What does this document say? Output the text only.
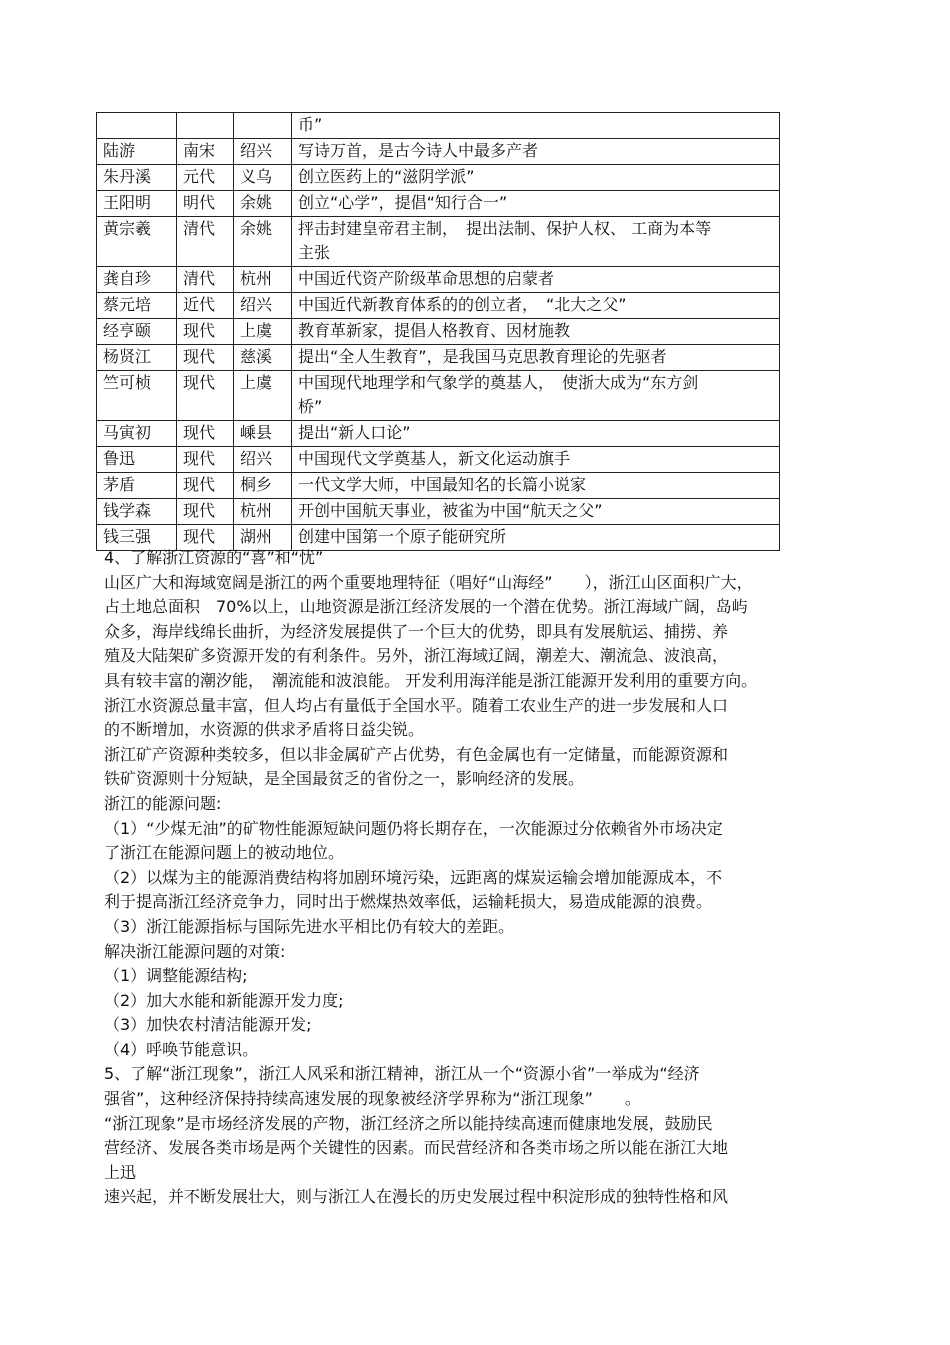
			币”
陆游	南宋	绍兴	写诗万首，是古今诗人中最多产者
朱丹溪	元代	义乌	创立医药上的“滋阴学派”
王阳明	明代	余姚	创立“心学”，提倡“知行合一”
黄宗羲	清代	余姚	抨击封建皇帝君主制，　提出法制、保护人权、 工商为本等
主张
龚自珍	清代	杭州	中国近代资产阶级革命思想的启蒙者
蔡元培	近代	绍兴	中国近代新教育体系的的创立者，　“北大之父”
经亨颐	现代	上虞	教育革新家，提倡人格教育、因材施教
杨贤江	现代	慈溪	提出“全人生教育”，是我国马克思教育理论的先驱者
竺可桢	现代	上虞	中国现代地理学和气象学的奠基人，　使浙大成为“东方剑
桥”
马寅初	现代	嵊县	提出“新人口论”
鲁迅	现代	绍兴	中国现代文学奠基人，新文化运动旗手
茅盾	现代	桐乡	一代文学大师，中国最知名的长篇小说家
钱学森	现代	杭州	开创中国航天事业，被雀为中国“航天之父”
钱三强	现代	湖州	创建中国第一个原子能研究所
4、了解浙江资源的“喜”和“忧”
山区广大和海域宽阔是浙江的两个重要地理特征（唱好“山海经”　　），浙江山区面积广大，
占土地总面积　70%以上，山地资源是浙江经济发展的一个潜在优势。浙江海域广阔，岛屿
众多，海岸线绵长曲折，为经济发展提供了一个巨大的优势，即具有发展航运、捕捞、养
殖及大陆架矿多资源开发的有利条件。另外，浙江海域辽阔，潮差大、潮流急、波浪高，
具有较丰富的潮汐能，　潮流能和波浪能。 开发利用海洋能是浙江能源开发利用的重要方向。
浙江水资源总量丰富，但人均占有量低于全国水平。随着工农业生产的进一步发展和人口
的不断增加，水资源的供求矛盾将日益尖锐。
浙江矿产资源种类较多，但以非金属矿产占优势，有色金属也有一定储量，而能源资源和
铁矿资源则十分短缺，是全国最贫乏的省份之一，影响经济的发展。
浙江的能源问题:
（1）“少煤无油”的矿物性能源短缺问题仍将长期存在，一次能源过分依赖省外市场决定
了浙江在能源问题上的被动地位。
（2）以煤为主的能源消费结构将加剧环境污染，远距离的煤炭运输会增加能源成本，不
利于提高浙江经济竞争力，同时出于燃煤热效率低，运输耗损大，易造成能源的浪费。
（3）浙江能源指标与国际先进水平相比仍有较大的差距。
解决浙江能源问题的对策:
（1）调整能源结构;
（2）加大水能和新能源开发力度;
（3）加快农村清洁能源开发;
（4）呼唤节能意识。
5、了解“浙江现象”，浙江人风采和浙江精神，浙江从一个“资源小省”一举成为“经济
强省”，这种经济保持持续高速发展的现象被经济学界称为“浙江现象”　　。
“浙江现象”是市场经济发展的产物，浙江经济之所以能持续高速而健康地发展，鼓励民
营经济、发展各类市场是两个关键性的因素。而民营经济和各类市场之所以能在浙江大地
上迅
速兴起，并不断发展壮大，则与浙江人在漫长的历史发展过程中积淀形成的独特性格和风
